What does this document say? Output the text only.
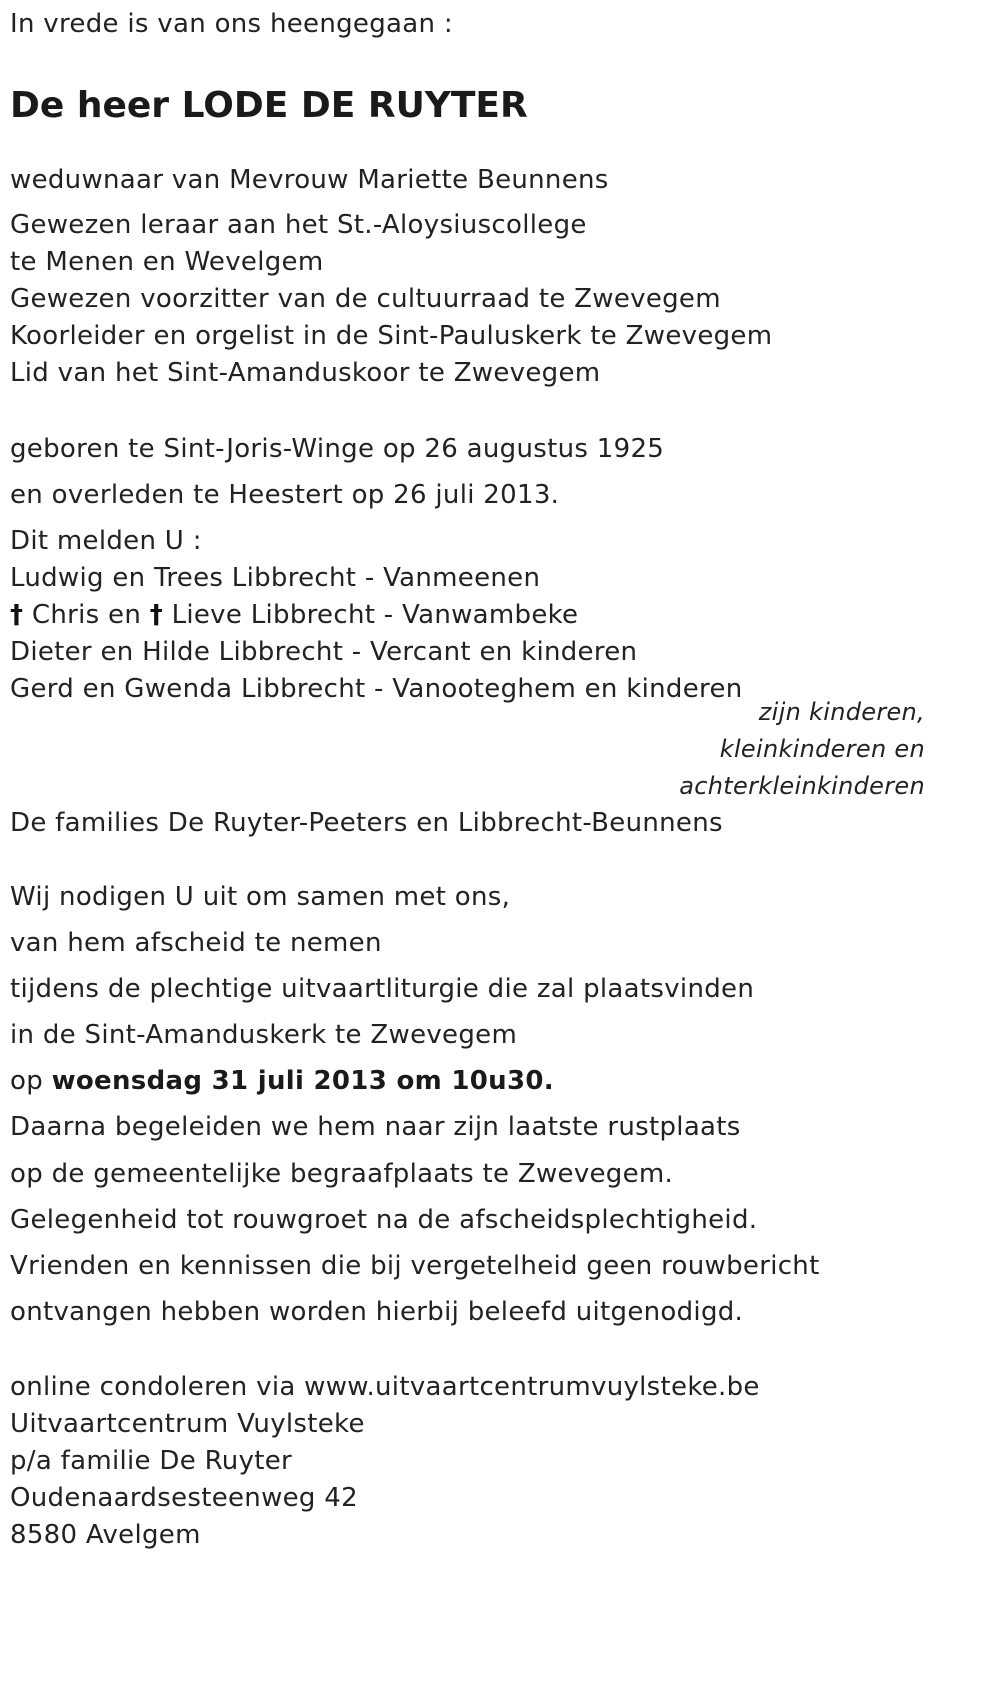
In vrede is van ons heengegaan :
De heer LODE DE RUYTER
weduwnaar van Mevrouw Mariette Beunnens
Gewezen leraar aan het St.-Aloysiuscollege
te Menen en Wevelgem
Gewezen voorzitter van de cultuurraad te Zwevegem
Koorleider en orgelist in de Sint-Pauluskerk te Zwevegem
Lid van het Sint-Amanduskoor te Zwevegem
geboren te Sint-Joris-Winge op 26 augustus 1925
en overleden te Heestert op 26 juli 2013.
Dit melden U :
Ludwig en Trees Libbrecht - Vanmeenen
† Chris en † Lieve Libbrecht - Vanwambeke
Dieter en Hilde Libbrecht - Vercant en kinderen
Gerd en Gwenda Libbrecht - Vanooteghem en kinderen
zijn kinderen,
kleinkinderen en
achterkleinkinderen
De families De Ruyter-Peeters en Libbrecht-Beunnens
Wij nodigen U uit om samen met ons,
van hem afscheid te nemen
tijdens de plechtige uitvaartliturgie die zal plaatsvinden
in de Sint-Amanduskerk te Zwevegem
op woensdag 31 juli 2013 om 10u30.
Daarna begeleiden we hem naar zijn laatste rustplaats
op de gemeentelijke begraafplaats te Zwevegem.
Gelegenheid tot rouwgroet na de afscheidsplechtigheid.
Vrienden en kennissen die bij vergetelheid geen rouwbericht
ontvangen hebben worden hierbij beleefd uitgenodigd.
online condoleren via www.uitvaartcentrumvuylsteke.be
Uitvaartcentrum Vuylsteke
p/a familie De Ruyter
Oudenaardsesteenweg 42
8580 Avelgem
